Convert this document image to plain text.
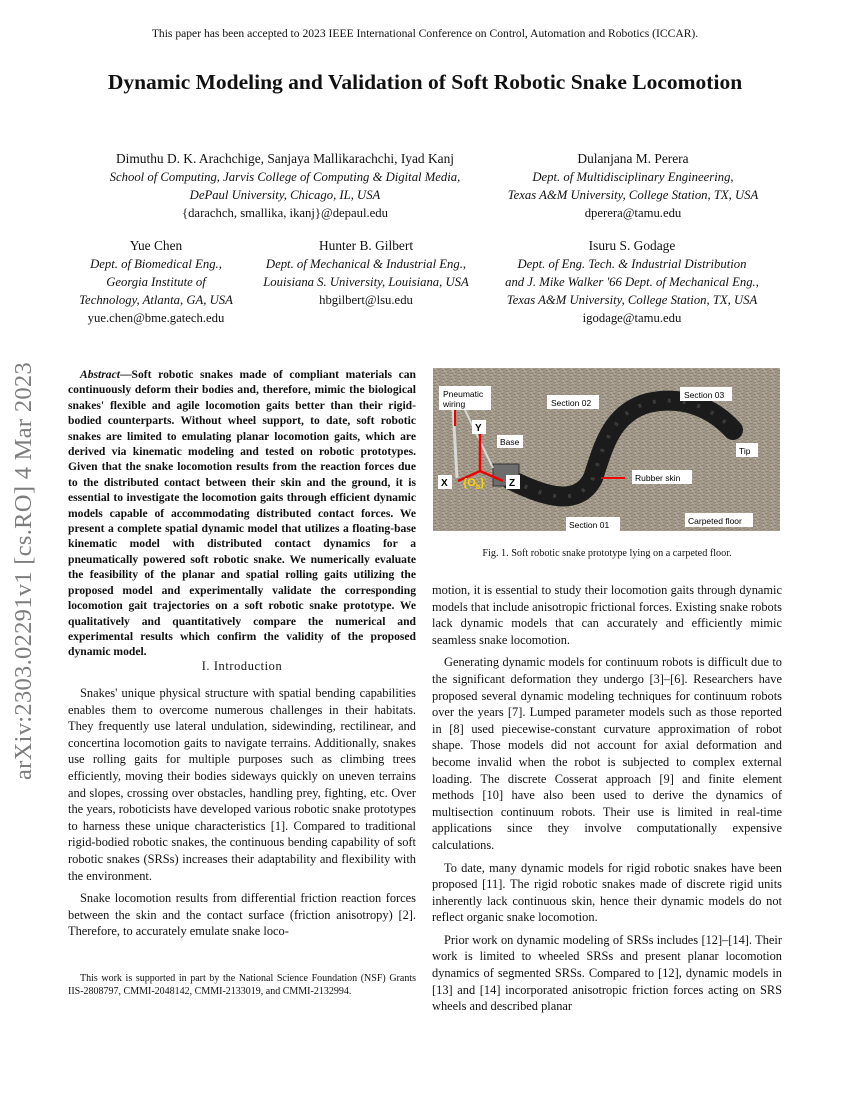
This paper has been accepted to 2023 IEEE International Conference on Control, Automation and Robotics (ICCAR).
Dynamic Modeling and Validation of Soft Robotic Snake Locomotion
Dimuthu D. K. Arachchige, Sanjaya Mallikarachchi, Iyad Kanj
School of Computing, Jarvis College of Computing & Digital Media,
DePaul University, Chicago, IL, USA
{darachch, smallika, ikanj}@depaul.edu
Dulanjana M. Perera
Dept. of Multidisciplinary Engineering,
Texas A&M University, College Station, TX, USA
dperera@tamu.edu
Yue Chen
Dept. of Biomedical Eng.,
Georgia Institute of
Technology, Atlanta, GA, USA
yue.chen@bme.gatech.edu
Hunter B. Gilbert
Dept. of Mechanical & Industrial Eng.,
Louisiana S. University, Louisiana, USA
hbgilbert@lsu.edu
Isuru S. Godage
Dept. of Eng. Tech. & Industrial Distribution
and J. Mike Walker '66 Dept. of Mechanical Eng.,
Texas A&M University, College Station, TX, USA
igodage@tamu.edu
arXiv:2303.02291v1 [cs.RO] 4 Mar 2023	Abstract—Soft robotic snakes made of compliant materials can continuously deform their bodies and, therefore, mimic the biological snakes' flexible and agile locomotion gaits better than their rigid-bodied counterparts. Without wheel support, to date, soft robotic snakes are limited to emulating planar locomotion gaits, which are derived via kinematic modeling and tested on robotic prototypes. Given that the snake locomotion results from the reaction forces due to the distributed contact between their skin and the ground, it is essential to investigate the locomotion gaits through efficient dynamic models capable of accommodating distributed contact forces. We present a complete spatial dynamic model that utilizes a floating-base kinematic model with distributed contact dynamics for a pneumatically powered soft robotic snake. We numerically evaluate the feasibility of the planar and spatial rolling gaits utilizing the proposed model and experimentally validate the corresponding locomotion gait trajectories on a soft robotic snake prototype. We qualitatively and quantitatively compare the numerical and experimental results which confirm the validity of the proposed dynamic model.
I. Introduction

Snakes' unique physical structure with spatial bending capabilities enables them to overcome numerous challenges in their habitats. They frequently use lateral undulation, sidewinding, rectilinear, and concertina locomotion gaits to navigate terrains. Additionally, snakes use rolling gaits for multiple purposes such as climbing trees efficiently, moving their bodies sideways quickly on uneven terrains and slopes, crossing over obstacles, handling prey, fighting, etc. Over the years, roboticists have developed various robotic snake prototypes to harness these unique characteristics [1]. Compared to traditional rigid-bodied robotic snakes, the continuous bending capability of soft robotic snakes (SRSs) increases their adaptability and flexibility with the environment.

Snake locomotion results from differential friction reaction forces between the skin and the contact surface (friction anisotropy) [2]. Therefore, to accurately emulate snake loco-

This work is supported in part by the National Science Foundation (NSF) Grants IIS-2808797, CMMI-2048142, CMMI-2133019, and CMMI-2132994.
Pneumatic
wiring	Section 02
Section 03
Base
Tip
Rubber skin
Section 01	Carpeted floor
Y
X	Z
$\{O_b\}$
Fig. 1. Soft robotic snake prototype lying on a carpeted floor.

motion, it is essential to study their locomotion gaits through dynamic models that include anisotropic frictional forces. Existing snake robots lack dynamic models that can accurately and efficiently mimic seamless snake locomotion.

Generating dynamic models for continuum robots is difficult due to the significant deformation they undergo [3]–[6]. Researchers have proposed several dynamic modeling techniques for continuum robots over the years [7]. Lumped parameter models such as those reported in [8] used piecewise-constant curvature approximation of robot shape. Those models did not account for axial deformation and become invalid when the robot is subjected to complex external loading. The discrete Cosserat approach [9] and finite element methods [10] have also been used to derive the dynamics of multisection continuum robots. Their use is limited in real-time applications since they involve computationally expensive calculations.

To date, many dynamic models for rigid robotic snakes have been proposed [11]. The rigid robotic snakes made of discrete rigid units inherently lack continuous skin, hence their dynamic models do not reflect organic snake locomotion.

Prior work on dynamic modeling of SRSs includes [12]–[14]. Their work is limited to wheeled SRSs and present planar locomotion dynamics of segmented SRSs. Compared to [12], dynamic models in [13] and [14] incorporated anisotropic friction forces acting on SRS wheels and described planar
